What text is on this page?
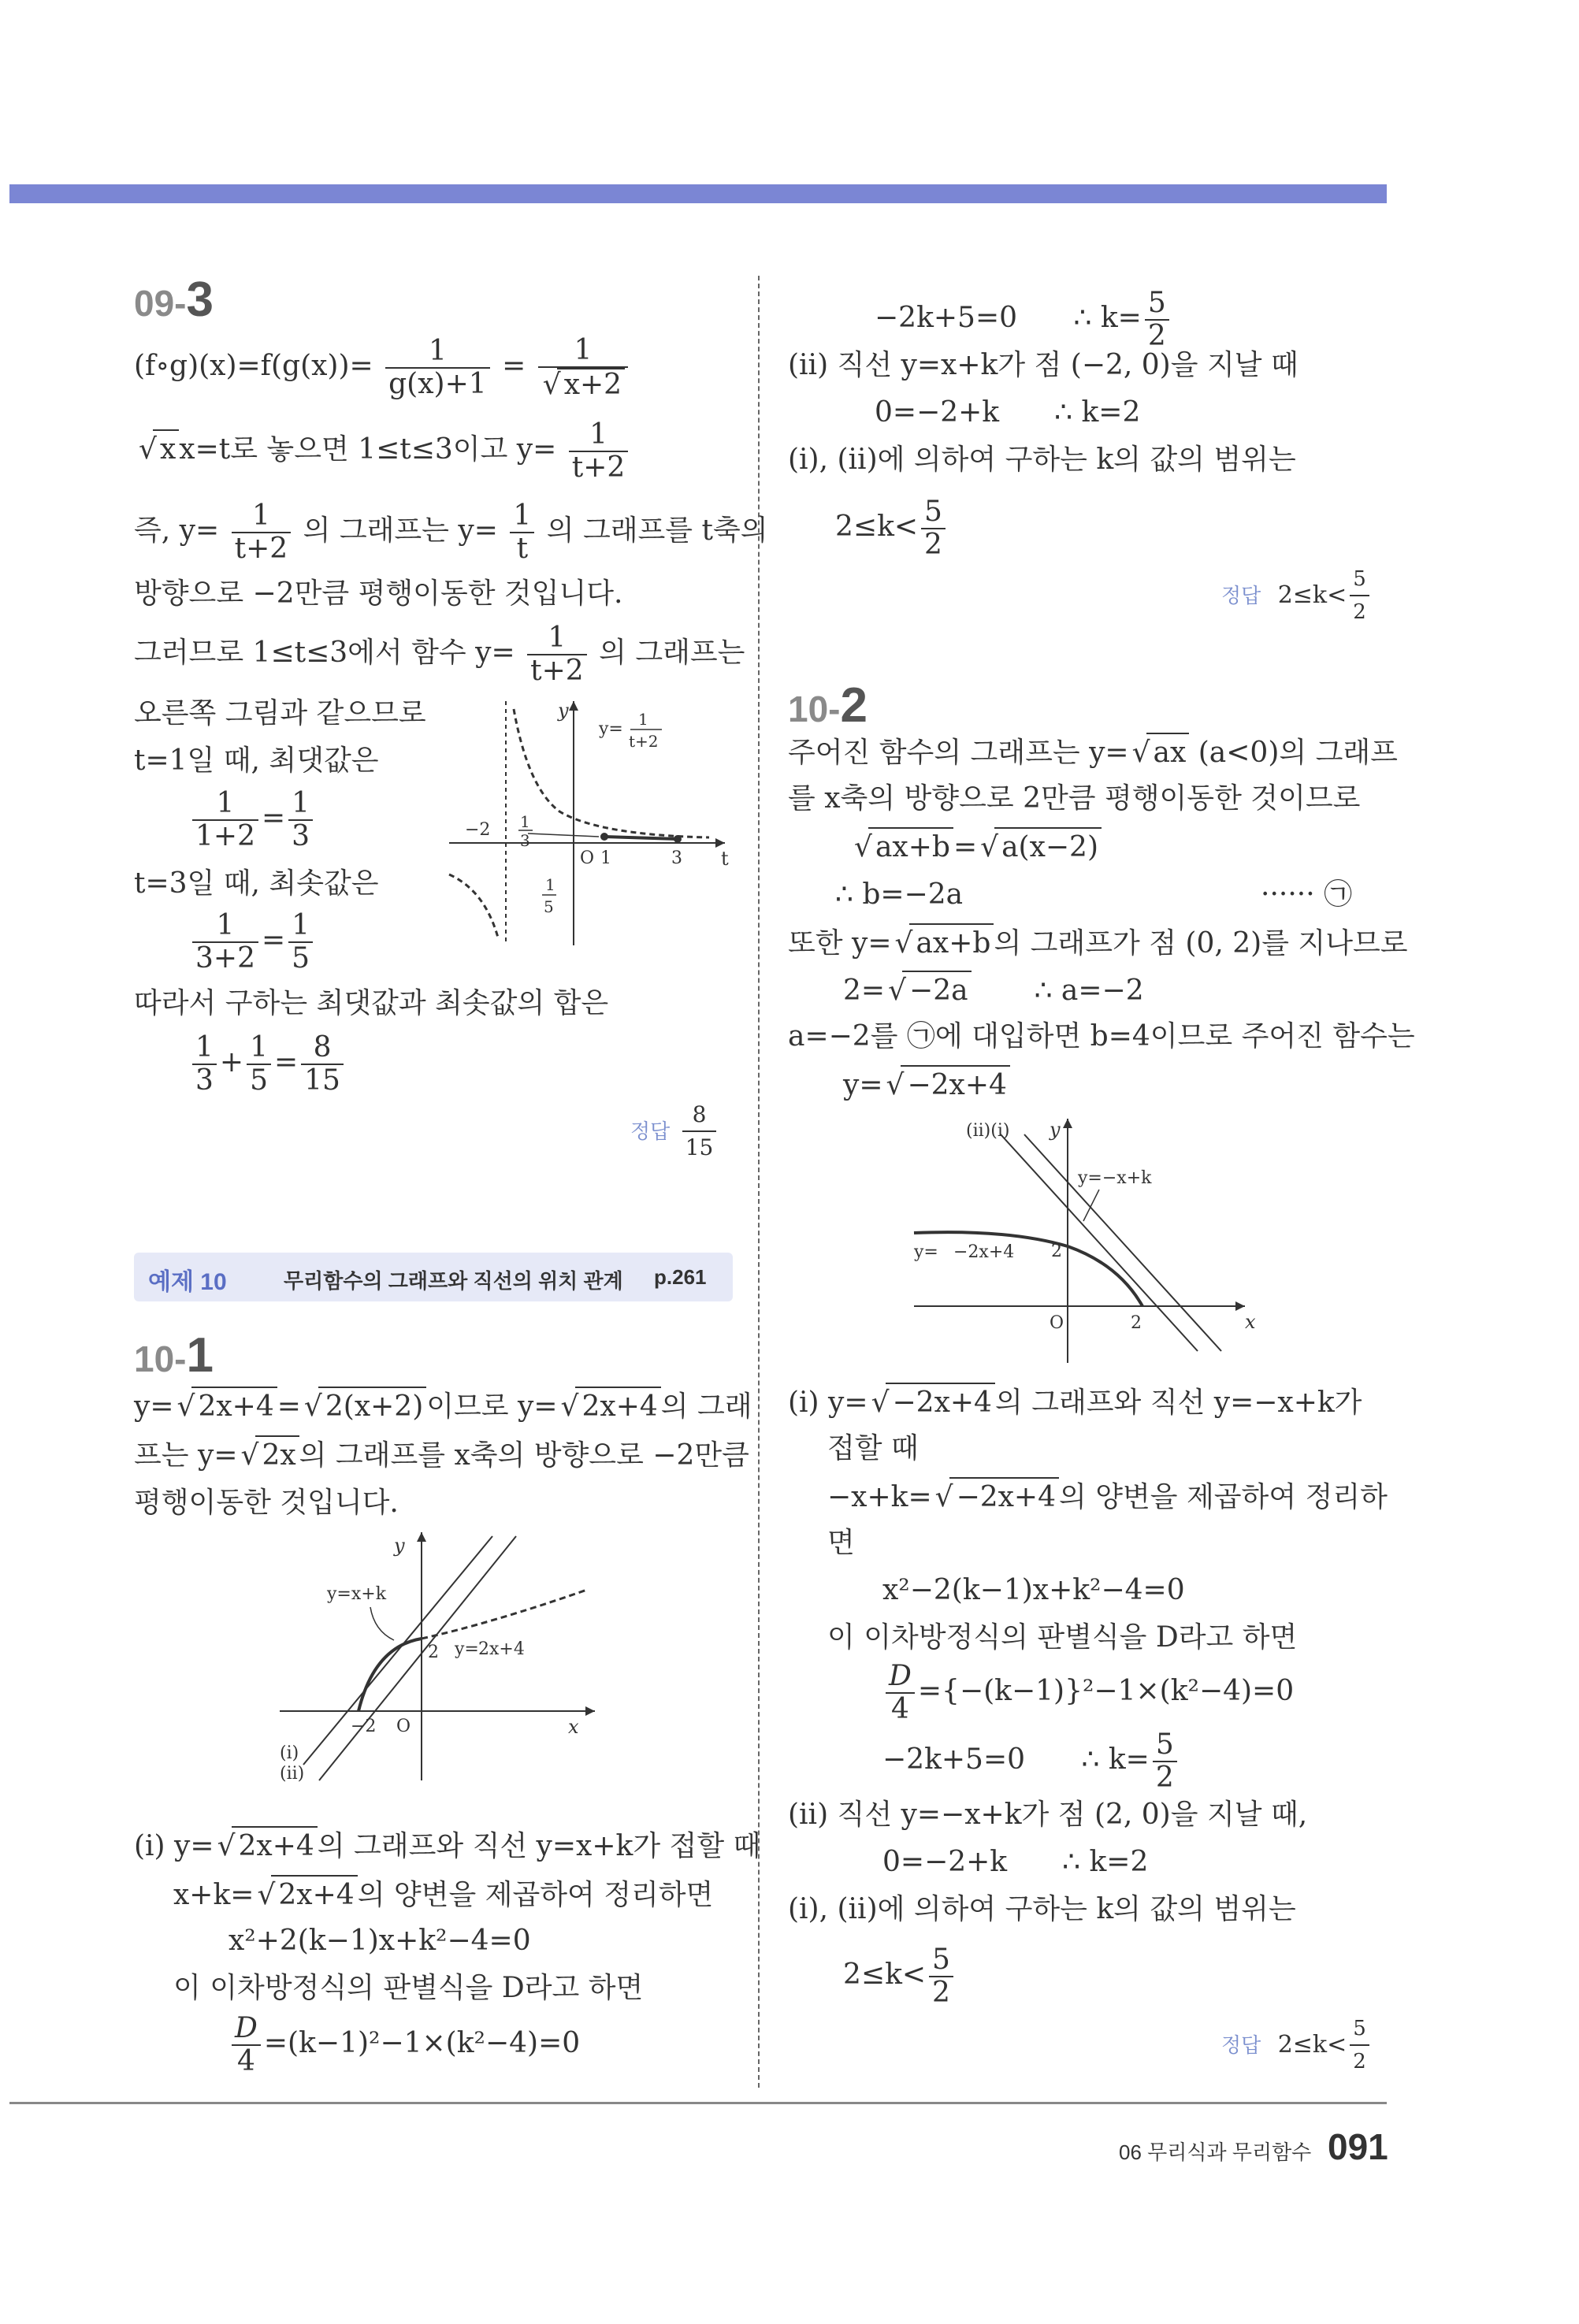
09-3
(f∘g)(x)=f(g(x))= $\frac{1}{g(x)+1} = 1$
√ x+2
√ x x=t로 놓으면 1≤t≤3이고 $y= \frac{1}{t+2}$
즉, $y= \frac{1}{t+2}$ 의 그래프는 $y= \frac{1}{t}$ 의 그래프를 t축의
방향으로 −2만큼 평행이동한 것입니다.
그러므로 1≤t≤3에서 함수 $y= \frac{1}{t+2}$ 의 그래프는
오른쪽 그림과 같으므로
t=1일 때, 최댓값은
$\frac{1}{1+2} = \frac{1}{3}$
t=3일 때, 최솟값은
$\frac{1}{3+2} = \frac{1}{5}$
따라서 구하는 최댓값과 최솟값의 합은
$\frac{1}{3} + \frac{1}{5} = \frac{8}{15}$
정답 $\frac{8}{15}$
y
t
y= 1
t+2
−2 1
3
O 1	3
1
5
예제 10	무리함수의 그래프와 직선의 위치 관계 p.261
10-1
y= √ 2x+4 = √ 2(x+2) 이므로 y= √ 2x+4 의 그래
프는 y= √ 2x 의 그래프를 x축의 방향으로 −2만큼
평행이동한 것입니다.
y
x
y=x+k
2 y= 2x+4
−2 O
(i)
(ii)
(i) y= √ 2x+4 의 그래프와 직선 y=x+k가 접할 때
x+k= √ 2x+4 의 양변을 제곱하여 정리하면
x²+2(k−1)x+k²−4=0
이 이차방정식의 판별식을 D라고 하면
$\frac{D}{4} =(k-1)^2-1\times(k^2-4)=0$
−2k+5=0 ∴ $k= \frac{5}{2}$
(ii) 직선 y=x+k가 점 (−2, 0)을 지날 때
0=−2+k ∴ k=2
(i), (ii)에 의하여 구하는 k의 값의 범위는
$2\le k< \frac{5}{2}$
정답 $2\le k< \frac{5}{2}$
10-2
주어진 함수의 그래프는 y= √ ax (a<0)의 그래프
를 x축의 방향으로 2만큼 평행이동한 것이므로
√ ax+b = √ a(x−2)
∴ b=−2a	······ ㉠
또한 y= √ ax+b 의 그래프가 점 (0, 2)를 지나므로
2= √ −2a ∴ a=−2
a=−2를 ㉠에 대입하면 b=4이므로 주어진 함수는
y= √ −2x+4
(ii)(i) y
x
y=−x+k
y= −2x+4 2
2
O
(i) y= √ −2x+4 의 그래프와 직선 y=−x+k가
접할 때
−x+k= √ −2x+4 의 양변을 제곱하여 정리하
면
x²−2(k−1)x+k²−4=0
이 이차방정식의 판별식을 D라고 하면
$\frac{D}{4} =\{-(k-1)\}^2-1\times(k^2-4)=0$
−2k+5=0 ∴ $k= \frac{5}{2}$
(ii) 직선 y=−x+k가 점 (2, 0)을 지날 때,
0=−2+k ∴ k=2
(i), (ii)에 의하여 구하는 k의 값의 범위는
$2\le k< \frac{5}{2}$
정답 $2\le k< \frac{5}{2}$
06 무리식과 무리함수 091
